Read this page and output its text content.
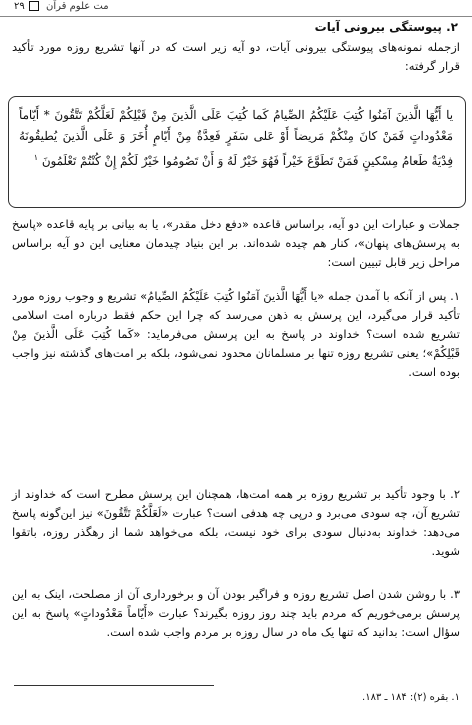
۲۹	مت علوم قرآن
۲. پیوستگی بیرونی آیات
ازجمله نمونه‌های پیوستگی بیرونی آیات، دو آیه زیر است که در آنها تشریع روزه مورد تأکید قرار گرفته:
یا أَیُّهَا الَّذینَ آمَنُوا کُتِبَ عَلَیْکُمُ الصِّیامُ کَما کُتِبَ عَلَی الَّذینَ مِنْ قَبْلِکُمْ لَعَلَّکُمْ تَتَّقُونَ * أَیّاماً مَعْدُوداتٍ فَمَنْ کانَ مِنْکُمْ مَریضاً أَوْ عَلی سَفَرٍ فَعِدَّةٌ مِنْ أَیّامٍ أُخَرَ وَ عَلَی الَّذینَ یُطیقُونَهُ فِدْیَةٌ طَعامُ مِسْکینٍ فَمَنْ تَطَوَّعَ خَیْراً فَهُوَ خَیْرٌ لَهُ وَ أَنْ تَصُومُوا خَیْرٌ لَکُمْ إِنْ کُنْتُمْ تَعْلَمُونَ $^۱$
جملات و عبارات این دو آیه، براساس قاعده «دفع دخل مقدر»، یا به بیانی بر پایه قاعده «پاسخ به پرسش‌های پنهان»، کنار هم چیده شده‌اند. بر این بنیاد چیدمان معنایی این دو آیه براساس مراحل زیر قابل تبیین است:
۱. پس از آنکه با آمدن جمله «یا أَیُّهَا الَّذینَ آمَنُوا کُتِبَ عَلَیْکُمُ الصِّیامُ» تشریع و وجوب روزه مورد تأکید قرار می‌گیرد، این پرسش به ذهن می‌رسد که چرا این حکم فقط درباره امت اسلامی تشریع شده است؟ خداوند در پاسخ به این پرسش می‌فرماید: «کَما کُتِبَ عَلَی الَّذینَ مِنْ قَبْلِکُمْ»؛ یعنی تشریع روزه تنها بر مسلمانان محدود نمی‌شود، بلکه بر امت‌های گذشته نیز واجب بوده است.
۲. با وجود تأکید بر تشریع روزه بر همه امت‌ها، همچنان این پرسش مطرح است که خداوند از تشریع آن، چه سودی می‌برد و درپی چه هدفی است؟ عبارت «لَعَلَّکُمْ تَتَّقُونَ» نیز این‌گونه پاسخ می‌دهد: خداوند به‌دنبال سودی برای خود نیست، بلکه می‌خواهد شما از رهگذر روزه، باتقوا شوید.
۳. با روشن شدن اصل تشریع روزه و فراگیر بودن آن و برخورداری آن از مصلحت، اینک به این پرسش برمی‌خوریم که مردم باید چند روز روزه بگیرند؟ عبارت «أَیّاماً مَعْدُوداتٍ» پاسخ به این سؤال است: بدانید که تنها یک ماه در سال روزه بر مردم واجب شده است.
۱. بقره (۲): ۱۸۴ ـ ۱۸۳.
